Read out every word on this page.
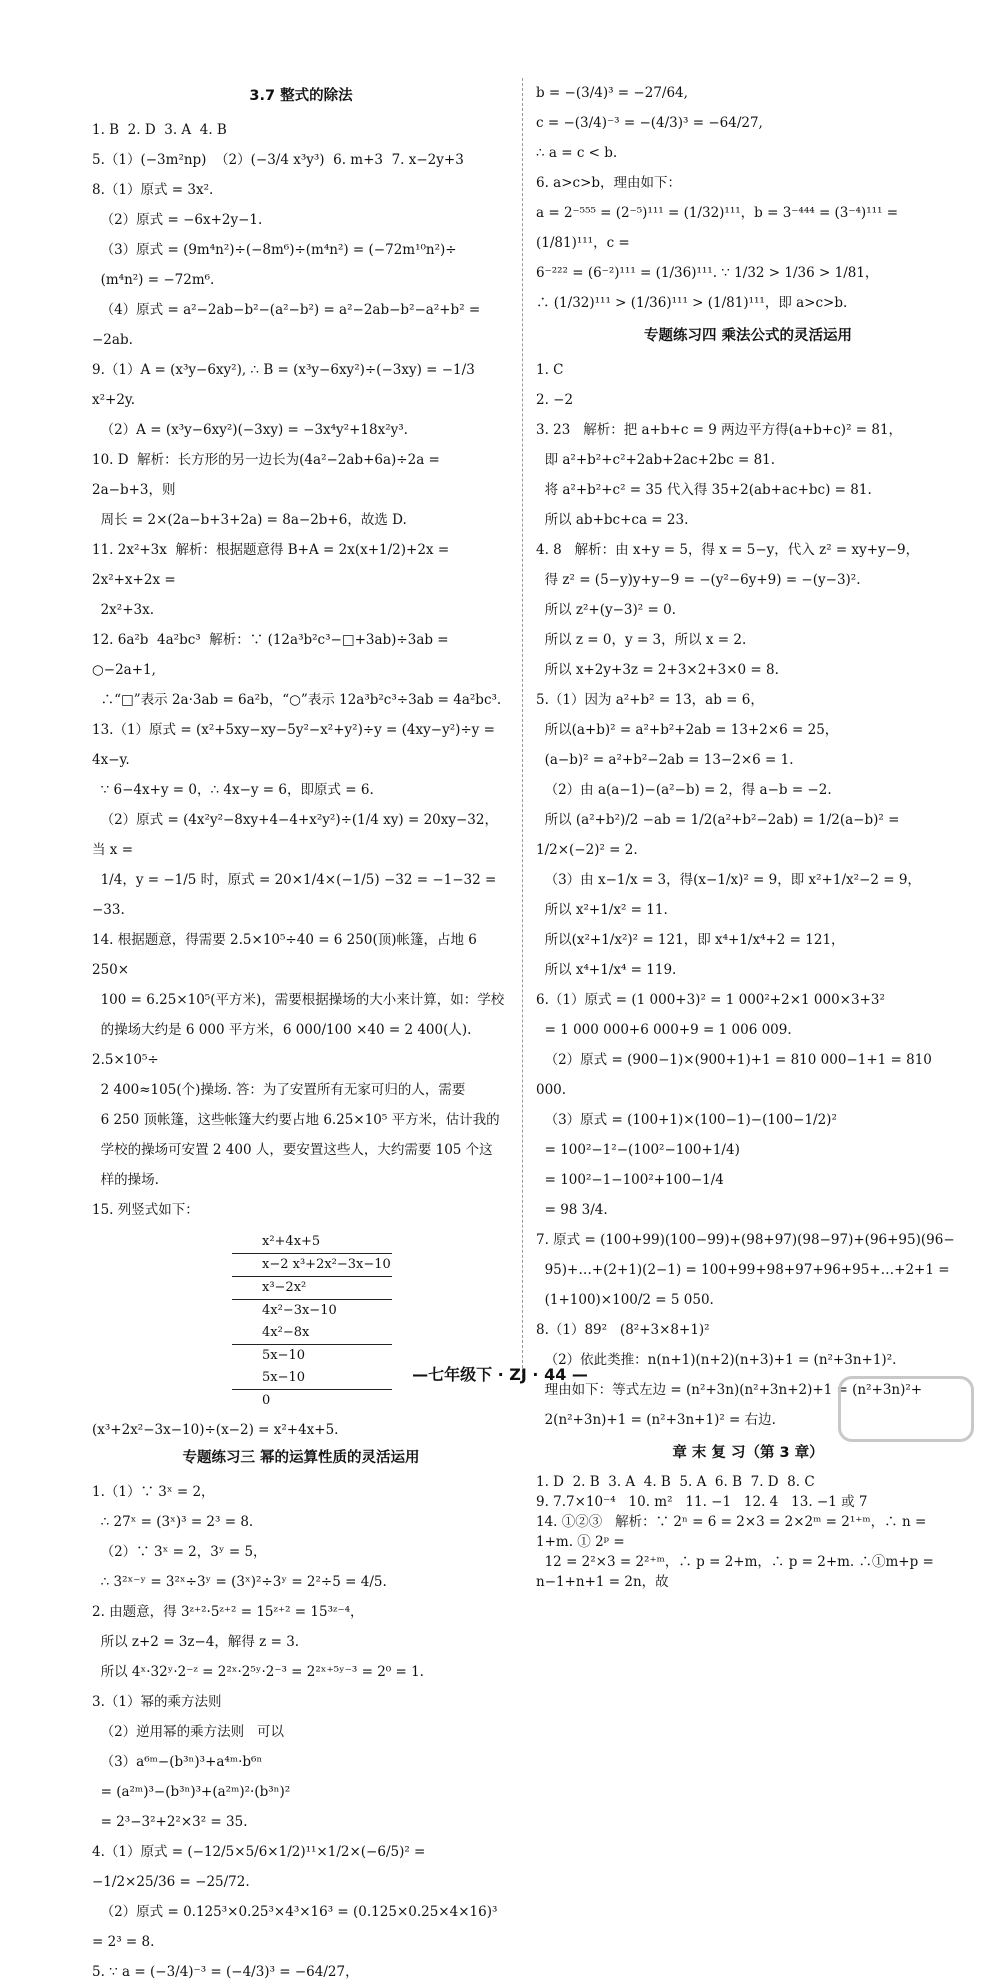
3.7 整式的除法
1. B  2. D  3. A  4. B
5.（1）(−3m²np)  （2）(−3/4 x³y³)  6. m+3  7. x−2y+3
8.（1）原式 = 3x².
（2）原式 = −6x+2y−1.
（3）原式 = (9m⁴n²)÷(−8m⁶)÷(m⁴n²) = (−72m¹⁰n²)÷
(m⁴n²) = −72m⁶.
（4）原式 = a²−2ab−b²−(a²−b²) = a²−2ab−b²−a²+b² = −2ab.
9.（1）A = (x³y−6xy²), ∴ B = (x³y−6xy²)÷(−3xy) = −1/3 x²+2y.
（2）A = (x³y−6xy²)(−3xy) = −3x⁴y²+18x²y³.
10. D  解析：长方形的另一边长为(4a²−2ab+6a)÷2a = 2a−b+3，则
周长 = 2×(2a−b+3+2a) = 8a−2b+6，故选 D.
11. 2x²+3x  解析：根据题意得 B+A = 2x(x+1/2)+2x = 2x²+x+2x =
2x²+3x.
12. 6a²b  4a²bc³  解析：∵ (12a³b²c³−□+3ab)÷3ab = ○−2a+1,
∴“□”表示 2a·3ab = 6a²b，“○”表示 12a³b²c³÷3ab = 4a²bc³.
13.（1）原式 = (x²+5xy−xy−5y²−x²+y²)÷y = (4xy−y²)÷y = 4x−y.
∵ 6−4x+y = 0，∴ 4x−y = 6，即原式 = 6.
（2）原式 = (4x²y²−8xy+4−4+x²y²)÷(1/4 xy) = 20xy−32，当 x =
1/4，y = −1/5 时，原式 = 20×1/4×(−1/5) −32 = −1−32 = −33.
14. 根据题意，得需要 2.5×10⁵÷40 = 6 250(顶)帐篷，占地 6 250×
100 = 6.25×10⁵(平方米)，需要根据操场的大小来计算，如：学校
的操场大约是 6 000 平方米，6 000/100 ×40 = 2 400(人). 2.5×10⁵÷
2 400≈105(个)操场. 答：为了安置所有无家可归的人，需要
6 250 顶帐篷，这些帐篷大约要占地 6.25×10⁵ 平方米，估计我的
学校的操场可安置 2 400 人，要安置这些人，大约需要 105 个这
样的操场.
15. 列竖式如下：
x²+4x+5
x−2 x³+2x²−3x−10
x³−2x²
4x²−3x−10
4x²−8x
5x−10
5x−10
0
(x³+2x²−3x−10)÷(x−2) = x²+4x+5.
专题练习三 幂的运算性质的灵活运用
1.（1）∵ 3ˣ = 2，
∴ 27ˣ = (3ˣ)³ = 2³ = 8.
（2）∵ 3ˣ = 2，3ʸ = 5，
∴ 3²ˣ⁻ʸ = 3²ˣ÷3ʸ = (3ˣ)²÷3ʸ = 2²÷5 = 4/5.
2. 由题意，得 3ᶻ⁺²·5ᶻ⁺² = 15ᶻ⁺² = 15³ᶻ⁻⁴，
所以 z+2 = 3z−4，解得 z = 3.
所以 4ˣ·32ʸ·2⁻ᶻ = 2²ˣ·2⁵ʸ·2⁻³ = 2²ˣ⁺⁵ʸ⁻³ = 2⁰ = 1.
3.（1）幂的乘方法则
（2）逆用幂的乘方法则   可以
（3）a⁶ᵐ−(b³ⁿ)³+a⁴ᵐ·b⁶ⁿ
= (a²ᵐ)³−(b³ⁿ)³+(a²ᵐ)²·(b³ⁿ)²
= 2³−3²+2²×3² = 35.
4.（1）原式 = (−12/5×5/6×1/2)¹¹×1/2×(−6/5)² = −1/2×25/36 = −25/72.
（2）原式 = 0.125³×0.25³×4³×16³ = (0.125×0.25×4×16)³ = 2³ = 8.
5. ∵ a = (−3/4)⁻³ = (−4/3)³ = −64/27，
b = −(3/4)³ = −27/64,
c = −(3/4)⁻³ = −(4/3)³ = −64/27,
∴ a = c < b.
6. a>c>b，理由如下：
a = 2⁻⁵⁵⁵ = (2⁻⁵)¹¹¹ = (1/32)¹¹¹，b = 3⁻⁴⁴⁴ = (3⁻⁴)¹¹¹ = (1/81)¹¹¹，c =
6⁻²²² = (6⁻²)¹¹¹ = (1/36)¹¹¹. ∵ 1/32 > 1/36 > 1/81，
∴ (1/32)¹¹¹ > (1/36)¹¹¹ > (1/81)¹¹¹，即 a>c>b.
专题练习四 乘法公式的灵活运用
1. C
2. −2
3. 23   解析：把 a+b+c = 9 两边平方得(a+b+c)² = 81，
即 a²+b²+c²+2ab+2ac+2bc = 81.
将 a²+b²+c² = 35 代入得 35+2(ab+ac+bc) = 81.
所以 ab+bc+ca = 23.
4. 8   解析：由 x+y = 5，得 x = 5−y，代入 z² = xy+y−9，
得 z² = (5−y)y+y−9 = −(y²−6y+9) = −(y−3)².
所以 z²+(y−3)² = 0.
所以 z = 0，y = 3，所以 x = 2.
所以 x+2y+3z = 2+3×2+3×0 = 8.
5.（1）因为 a²+b² = 13，ab = 6，
所以(a+b)² = a²+b²+2ab = 13+2×6 = 25，
(a−b)² = a²+b²−2ab = 13−2×6 = 1.
（2）由 a(a−1)−(a²−b) = 2，得 a−b = −2.
所以 (a²+b²)/2 −ab = 1/2(a²+b²−2ab) = 1/2(a−b)² = 1/2×(−2)² = 2.
（3）由 x−1/x = 3，得(x−1/x)² = 9，即 x²+1/x²−2 = 9，
所以 x²+1/x² = 11.
所以(x²+1/x²)² = 121，即 x⁴+1/x⁴+2 = 121，
所以 x⁴+1/x⁴ = 119.
6.（1）原式 = (1 000+3)² = 1 000²+2×1 000×3+3²
= 1 000 000+6 000+9 = 1 006 009.
（2）原式 = (900−1)×(900+1)+1 = 810 000−1+1 = 810 000.
（3）原式 = (100+1)×(100−1)−(100−1/2)²
= 100²−1²−(100²−100+1/4)
= 100²−1−100²+100−1/4
= 98 3/4.
7. 原式 = (100+99)(100−99)+(98+97)(98−97)+(96+95)(96−
95)+…+(2+1)(2−1) = 100+99+98+97+96+95+…+2+1 =
(1+100)×100/2 = 5 050.
8.（1）89²   (8²+3×8+1)²
（2）依此类推：n(n+1)(n+2)(n+3)+1 = (n²+3n+1)².
理由如下：等式左边 = (n²+3n)(n²+3n+2)+1 = (n²+3n)²+
2(n²+3n)+1 = (n²+3n+1)² = 右边.
章 末 复 习（第 3 章）
1. D  2. B  3. A  4. B  5. A  6. B  7. D  8. C
9. 7.7×10⁻⁴   10. m²   11. −1   12. 4   13. −1 或 7
14. ①②③   解析：∵ 2ⁿ = 6 = 2×3 = 2×2ᵐ = 2¹⁺ᵐ，∴ n = 1+m. ① 2ᵖ =
12 = 2²×3 = 2²⁺ᵐ，∴ p = 2+m，∴ p = 2+m. ∴①m+p = n−1+n+1 = 2n，故
—七年级下 · ZJ · 44 —
